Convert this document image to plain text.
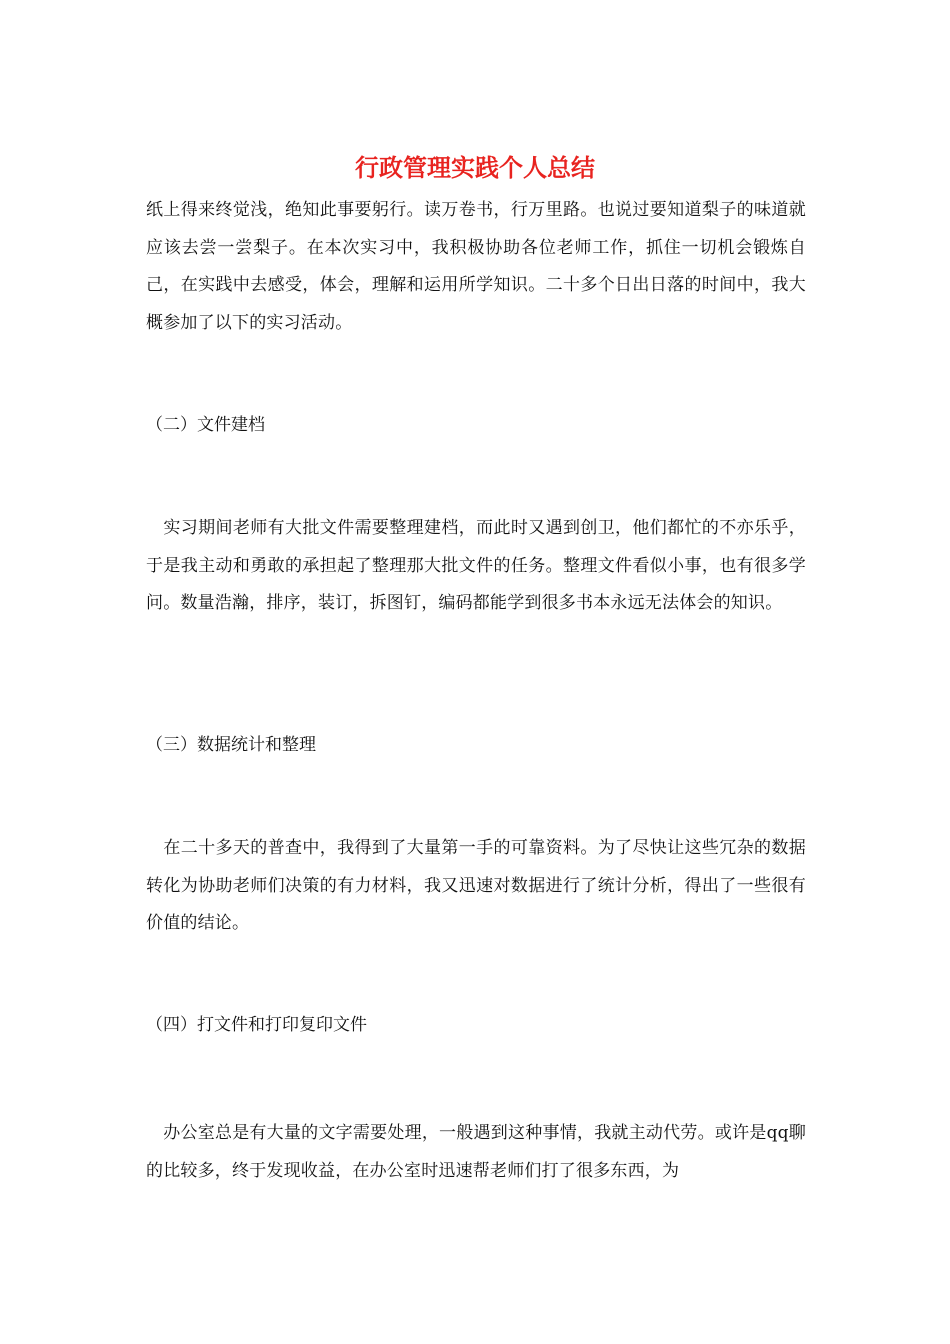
行政管理实践个人总结

纸上得来终觉浅，绝知此事要躬行。读万卷书，行万里路。也说过要知道梨子的味道就应该去尝一尝梨子。在本次实习中，我积极协助各位老师工作，抓住一切机会锻炼自己，在实践中去感受，体会，理解和运用所学知识。二十多个日出日落的时间中，我大概参加了以下的实习活动。

（二）文件建档

　实习期间老师有大批文件需要整理建档，而此时又遇到创卫，他们都忙的不亦乐乎，于是我主动和勇敢的承担起了整理那大批文件的任务。整理文件看似小事，也有很多学问。数量浩瀚，排序，装订，拆图钉，编码都能学到很多书本永远无法体会的知识。

（三）数据统计和整理

　在二十多天的普查中，我得到了大量第一手的可靠资料。为了尽快让这些冗杂的数据转化为协助老师们决策的有力材料，我又迅速对数据进行了统计分析，得出了一些很有价值的结论。

（四）打文件和打印复印文件

　办公室总是有大量的文字需要处理，一般遇到这种事情，我就主动代劳。或许是qq聊的比较多，终于发现收益，在办公室时迅速帮老师们打了很多东西，为
